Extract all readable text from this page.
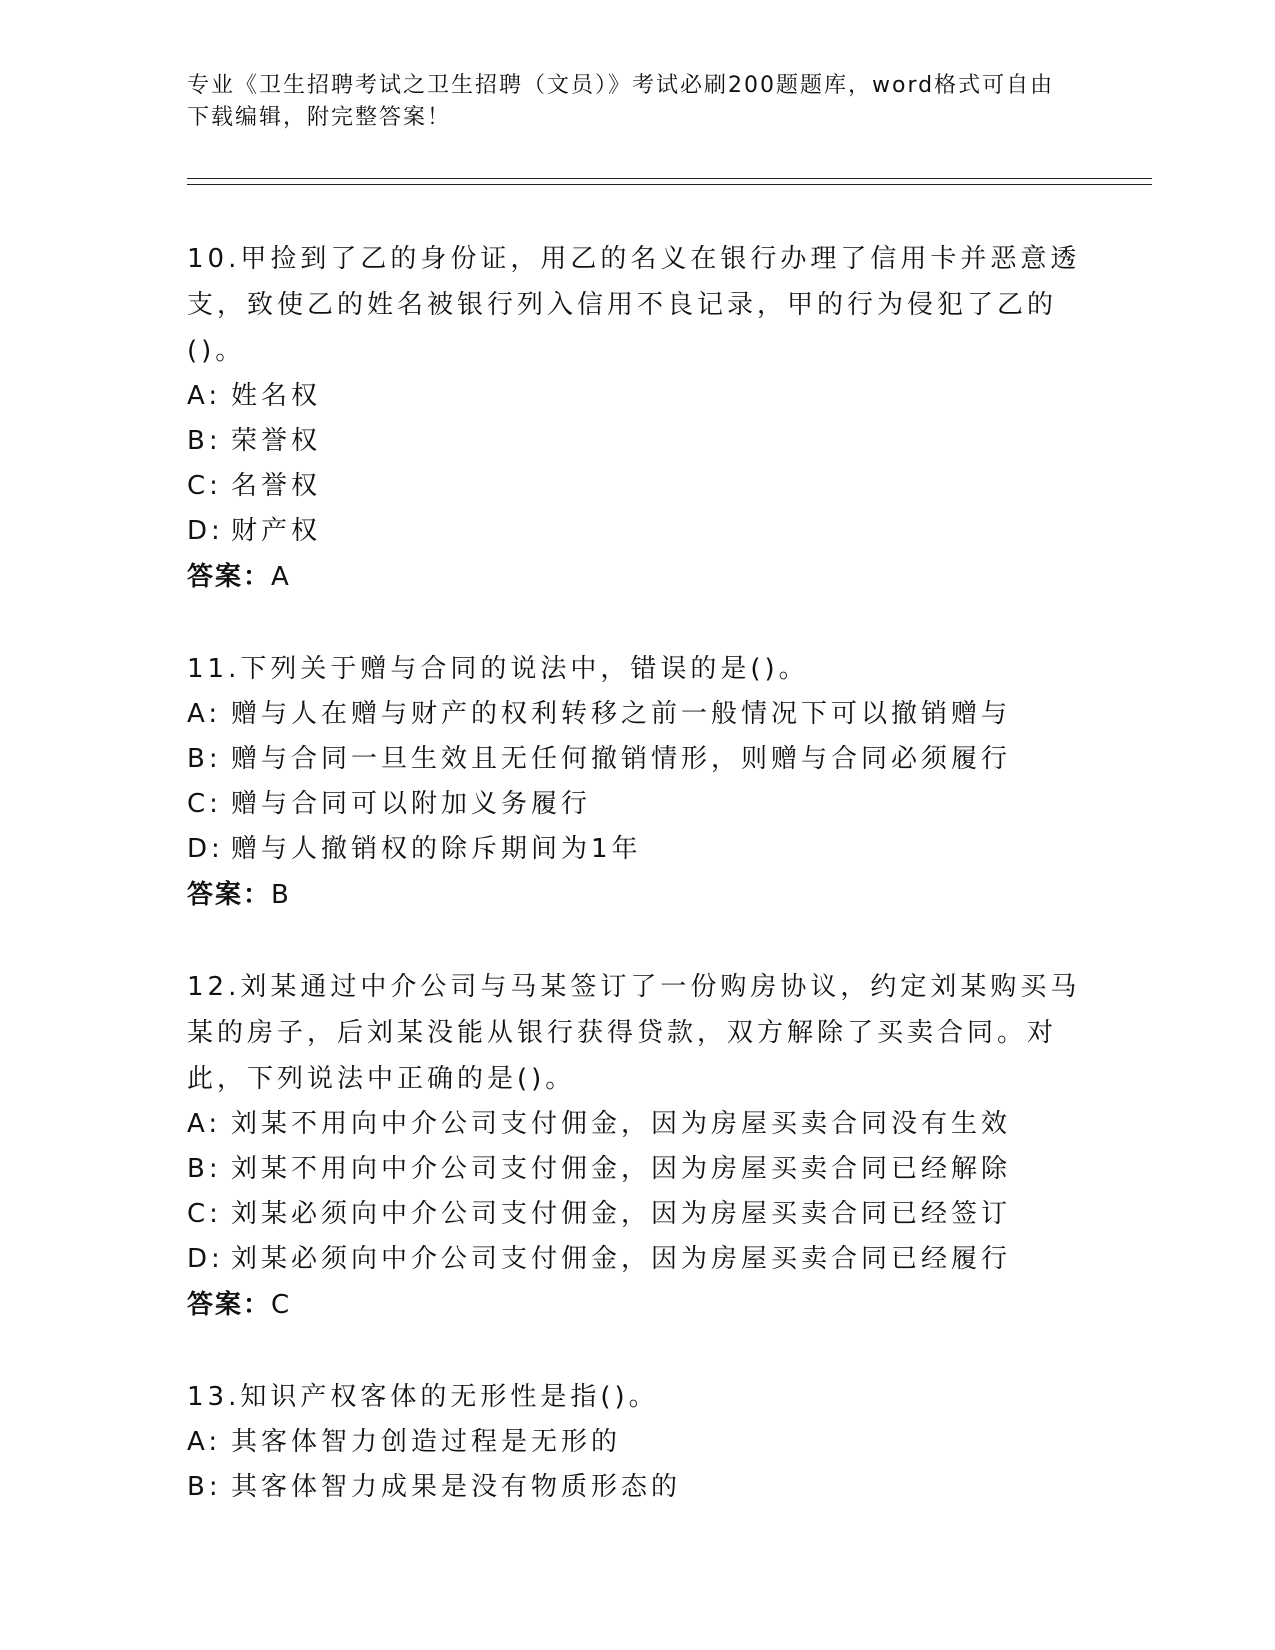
专业《卫生招聘考试之卫生招聘（文员）》考试必刷200题题库，word格式可自由下载编辑，附完整答案！
10.甲捡到了乙的身份证，用乙的名义在银行办理了信用卡并恶意透支，致使乙的姓名被银行列入信用不良记录，甲的行为侵犯了乙的()。
A: 姓名权
B: 荣誉权
C: 名誉权
D: 财产权
答案：A
11.下列关于赠与合同的说法中，错误的是()。
A: 赠与人在赠与财产的权利转移之前一般情况下可以撤销赠与
B: 赠与合同一旦生效且无任何撤销情形，则赠与合同必须履行
C: 赠与合同可以附加义务履行
D: 赠与人撤销权的除斥期间为1年
答案：B
12.刘某通过中介公司与马某签订了一份购房协议，约定刘某购买马某的房子，后刘某没能从银行获得贷款，双方解除了买卖合同。对此，下列说法中正确的是()。
A: 刘某不用向中介公司支付佣金，因为房屋买卖合同没有生效
B: 刘某不用向中介公司支付佣金，因为房屋买卖合同已经解除
C: 刘某必须向中介公司支付佣金，因为房屋买卖合同已经签订
D: 刘某必须向中介公司支付佣金，因为房屋买卖合同已经履行
答案：C
13.知识产权客体的无形性是指()。
A: 其客体智力创造过程是无形的
B: 其客体智力成果是没有物质形态的
